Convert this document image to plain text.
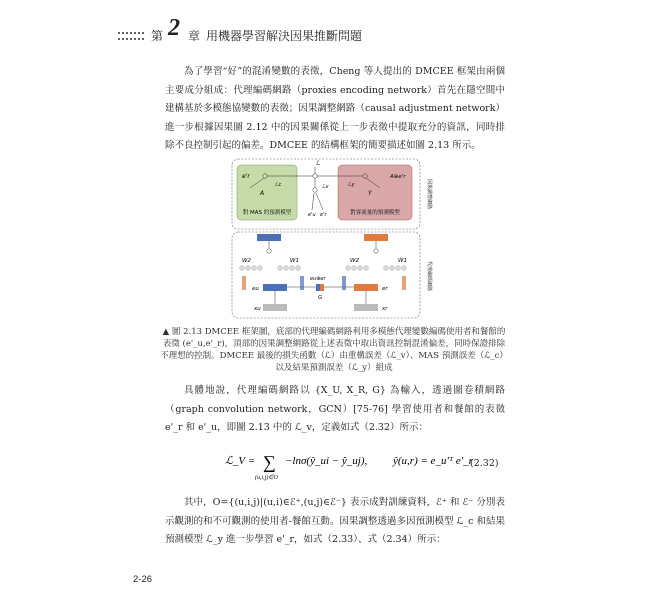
第 2 章 用機器學習解決因果推斷問題
為了學習“好”的混淆變數的表徵，Cheng 等人提出的 DMCEE 框架由兩個主要成分組成：代理編碼網路（proxies encoding network）首先在隱空間中建構基於多模態協變數的表徵；因果調整網路（causal adjustment network）進一步根據因果圖 2.12 中的因果關係從上一步表徵中提取充分的資訊，同時排除不良控制引起的偏差。DMCEE 的結構框架的簡要描述如圖 2.13 所示。
對 MAS 的預測模型	對客流量的預測模型
e'r	A⊕e'r
A	Y
ℒc	ℒy
ℒ
ℒv
e'u e'r
因果調整網路
代理編碼網路
W2	W1	W2	W1
eu	er
eu⊕er
G
xu	xr
▲ 圖 2.13 DMCEE 框架圖，底部的代理編碼網路利用多模態代理變數編碼使用者和餐館的表徵 (e'_u,e'_r)，頂部的因果調整網路從上述表徵中取出資訊控制混淆偏差，同時保證排除不理想的控制。DMCEE 最後的損失函數（ℒ）由重構誤差（ℒ_v）、MAS 預測誤差（ℒ_c）以及結果預測誤差（ℒ_y）組成
具體地說，代理編碼網路以 {X_U, X_R, G} 為輸入，透過圖卷積網路（graph convolution network，GCN）[75-76] 學習使用者和餐館的表徵 e'_r 和 e'_u，即圖 2.13 中的 ℒ_v，定義如式（2.32）所示：
ℒ_V = ∑
(u,i,j)∈O
−lnσ(ŷ_ui − ŷ_uj), ŷ(u,r) = e_u'ᵀ e'_r
(2.32)
其中，O={(u,i,j)|(u,i)∈ℰ⁺,(u,j)∈ℰ⁻} 表示成對訓練資料，ℰ⁺ 和 ℰ⁻ 分別表示觀測的和不可觀測的使用者-餐館互動。因果調整透過多因預測模型 ℒ_c 和結果預測模型 ℒ_y 進一步學習 e'_r，如式（2.33）、式（2.34）所示：
2-26
